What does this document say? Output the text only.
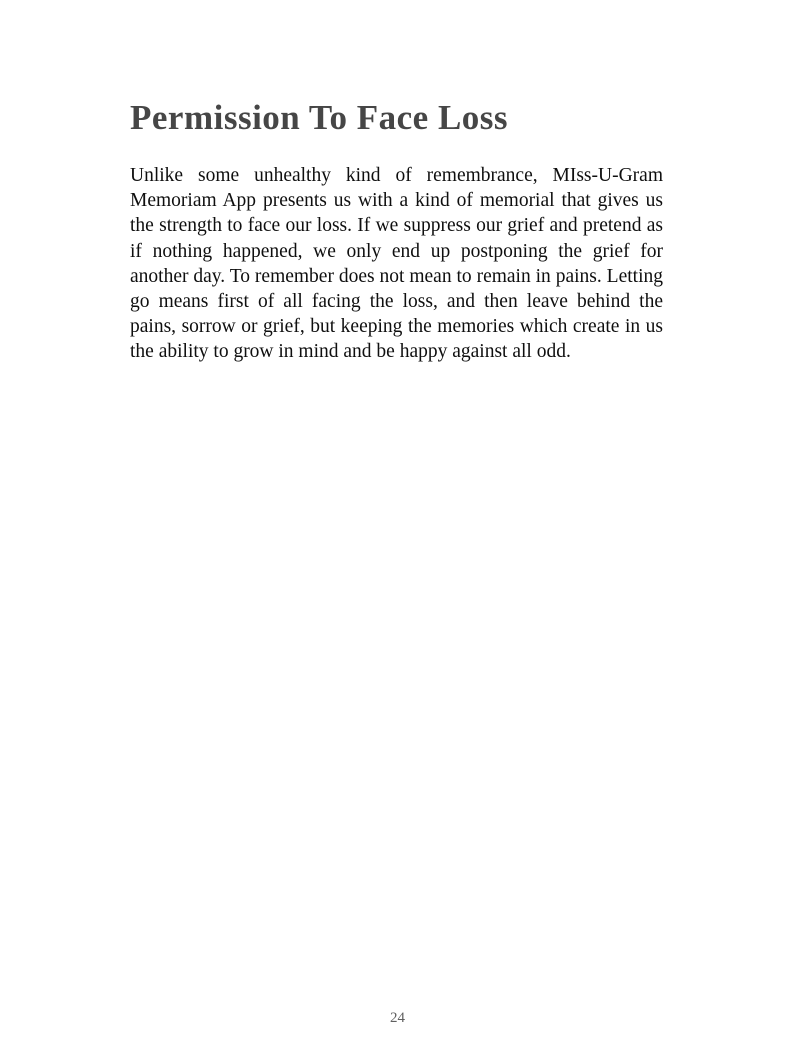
Permission To Face Loss

Unlike some unhealthy kind of remembrance, MIss-U-Gram Memoriam App presents us with a kind of memorial that gives us the strength to face our loss. If we suppress our grief and pretend as if nothing happened, we only end up postponing the grief for another day. To remember does not mean to remain in pains. Letting go means first of all facing the loss, and then leave behind the pains, sorrow or grief, but keeping the memories which create in us the ability to grow in mind and be happy against all odd.

24
